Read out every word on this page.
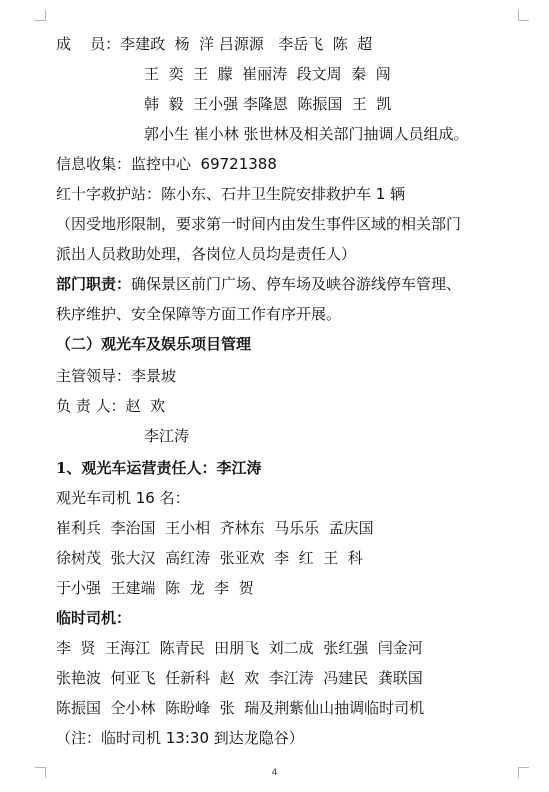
成    员：李建政  杨  洋 吕源源   李岳飞  陈  超
王  奕  王  朦  崔丽涛  段文周  秦  闯
韩  毅  王小强 李隆恩  陈振国  王  凯
郭小生 崔小林 张世林及相关部门抽调人员组成。
信息收集：监控中心  69721388
红十字救护站：陈小东、石井卫生院安排救护车 1 辆
（因受地形限制，要求第一时间内由发生事件区域的相关部门
派出人员救助处理，各岗位人员均是责任人）
部门职责：确保景区前门广场、停车场及峡谷游线停车管理、
秩序维护、安全保障等方面工作有序开展。
（二）观光车及娱乐项目管理
主管领导：李景坡
负 责 人：赵  欢
李江涛
1、观光车运营责任人：李江涛
观光车司机 16 名：
崔利兵  李治国  王小相  齐林东  马乐乐  孟庆国
徐树茂  张大汉  高红涛  张亚欢  李  红  王  科
于小强  王建端  陈  龙  李  贺
临时司机：
李  贤  王海江  陈青民  田朋飞  刘二成  张红强  闫金河
张艳波  何亚飞  任新科  赵  欢  李江涛  冯建民  龚联国
陈振国  仝小林  陈盼峰  张  瑞及荆紫仙山抽调临时司机
（注：临时司机 13:30 到达龙隐谷）
4
